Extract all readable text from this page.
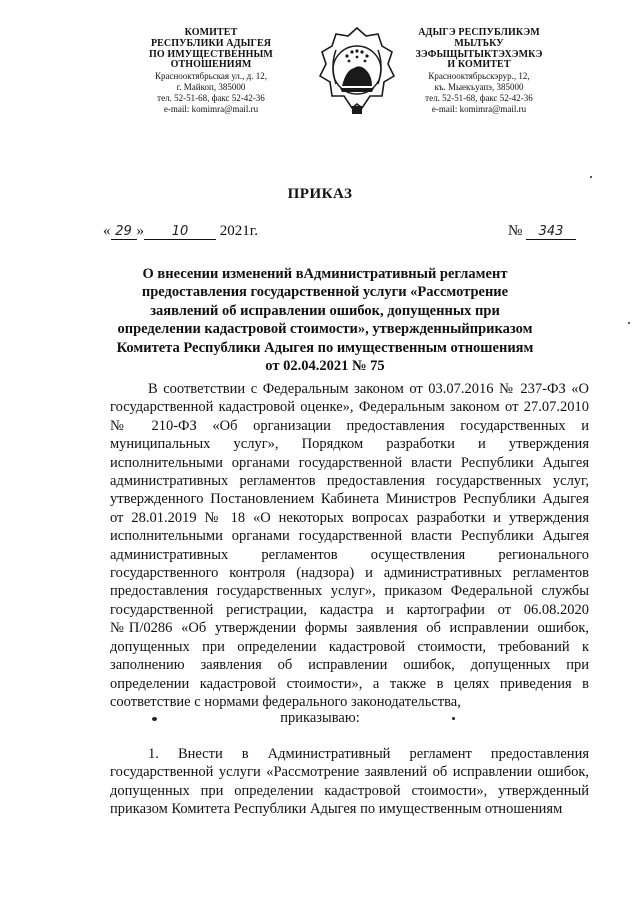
КОМИТЕТ
РЕСПУБЛИКИ АДЫГЕЯ
ПО ИМУЩЕСТВЕННЫМ ОТНОШЕНИЯМ
Краснооктябрьская ул., д. 12,
г. Майкоп, 385000
тел. 52-51-68, факс 52-42-36
e-mail: komimra@mail.ru
АДЫГЭ РЕСПУБЛИКЭМ
МЫЛЪКУ ЗЭФЫЩЫТЫКТЭХЭМКЭ
И КОМИТЕТ
Краснооктябрьскэрур., 12,
къ. Мыекъуапэ, 385000
тел. 52-51-68, факс 52-42-36
e-mail: komimra@mail.ru
ПРИКАЗ
« 29 » 10 2021г.	№ 343
О внесении изменений вАдминистративный регламент предоставления государственной услуги «Рассмотрение заявлений об исправлении ошибок, допущенных при определении кадастровой стоимости», утвержденныйприказом Комитета Республики Адыгея по имущественным отношениям от 02.04.2021 № 75
В соответствии с Федеральным законом от 03.07.2016 № 237-ФЗ «О государственной кадастровой оценке», Федеральным законом от 27.07.2010 № 210-ФЗ «Об организации предоставления государственных и муниципальных услуг», Порядком разработки и утверждения исполнительными органами государственной власти Республики Адыгея административных регламентов предоставления государственных услуг, утвержденного Постановлением Кабинета Министров Республики Адыгея от 28.01.2019 № 18 «О некоторых вопросах разработки и утверждения исполнительными органами государственной власти Республики Адыгея административных регламентов осуществления регионального государственного контроля (надзора) и административных регламентов предоставления государственных услуг», приказом Федеральной службы государственной регистрации, кадастра и картографии от 06.08.2020 №П/0286 «Об утверждении формы заявления об исправлении ошибок, допущенных при определении кадастровой стоимости, требований к заполнению заявления об исправлении ошибок, допущенных при определении кадастровой стоимости», а также в целях приведения в соответствие с нормами федерального законодательства,
приказываю:
1. Внести в Административный регламент предоставления государственной услуги «Рассмотрение заявлений об исправлении ошибок, допущенных при определении кадастровой стоимости», утвержденный приказом Комитета Республики Адыгея по имущественным отношениям
